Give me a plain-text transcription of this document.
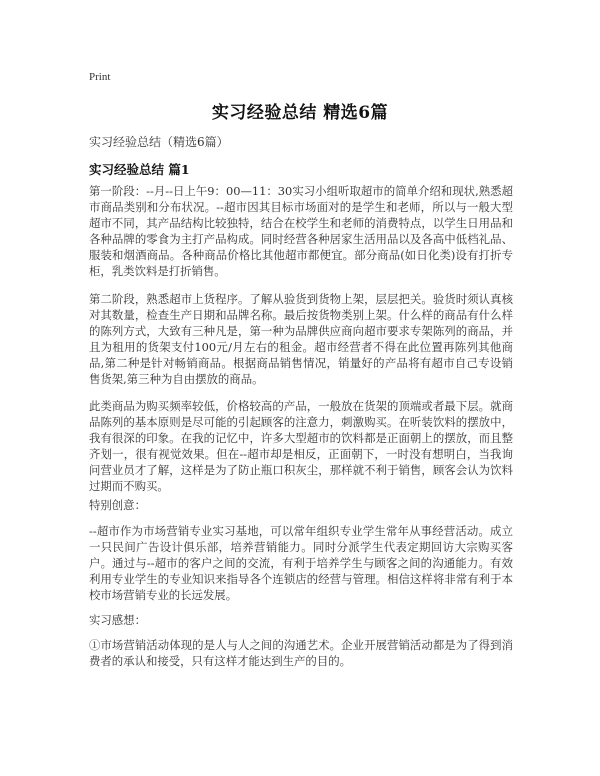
Print
实习经验总结 精选6篇
实习经验总结（精选6篇）
实习经验总结 篇1
第一阶段：--月--日上午9：00—11：30实习小组听取超市的简单介绍和现状,熟悉超市商品类别和分布状况。--超市因其目标市场面对的是学生和老师，所以与一般大型超市不同，其产品结构比较独特，结合在校学生和老师的消费特点，以学生日用品和各种品牌的零食为主打产品构成。同时经营各种居家生活用品以及各高中低档礼品、服装和烟酒商品。各种商品价格比其他超市都便宜。部分商品(如日化类)设有打折专柜，乳类饮料是打折销售。
第二阶段，熟悉超市上货程序。了解从验货到货物上架，层层把关。验货时须认真核对其数量，检查生产日期和品牌名称。最后按货物类别上架。什么样的商品有什么样的陈列方式，大致有三种凡是，第一种为品牌供应商向超市要求专架陈列的商品，并且为租用的货架支付100元/月左右的租金。超市经营者不得在此位置再陈列其他商品,第二种是针对畅销商品。根据商品销售情况，销量好的产品将有超市自己专设销售货架,第三种为自由摆放的商品。
此类商品为购买频率较低，价格较高的产品，一般放在货架的顶端或者最下层。就商品陈列的基本原则是尽可能的引起顾客的注意力，刺激购买。在听装饮料的摆放中，我有很深的印象。在我的记忆中，许多大型超市的饮料都是正面朝上的摆放，而且整齐划一，很有视觉效果。但在--超市却是相反，正面朝下，一时没有想明白，当我询问营业员才了解，这样是为了防止瓶口积灰尘，那样就不利于销售，顾客会认为饮料过期而不购买。
特别创意：
--超市作为市场营销专业实习基地，可以常年组织专业学生常年从事经营活动。成立一只民间广告设计俱乐部，培养营销能力。同时分派学生代表定期回访大宗购买客户。通过与--超市的客户之间的交流，有利于培养学生与顾客之间的沟通能力。有效利用专业学生的专业知识来指导各个连锁店的经营与管理。相信这样将非常有利于本校市场营销专业的长远发展。
实习感想：
①市场营销活动体现的是人与人之间的沟通艺术。企业开展营销活动都是为了得到消费者的承认和接受，只有这样才能达到生产的目的。
